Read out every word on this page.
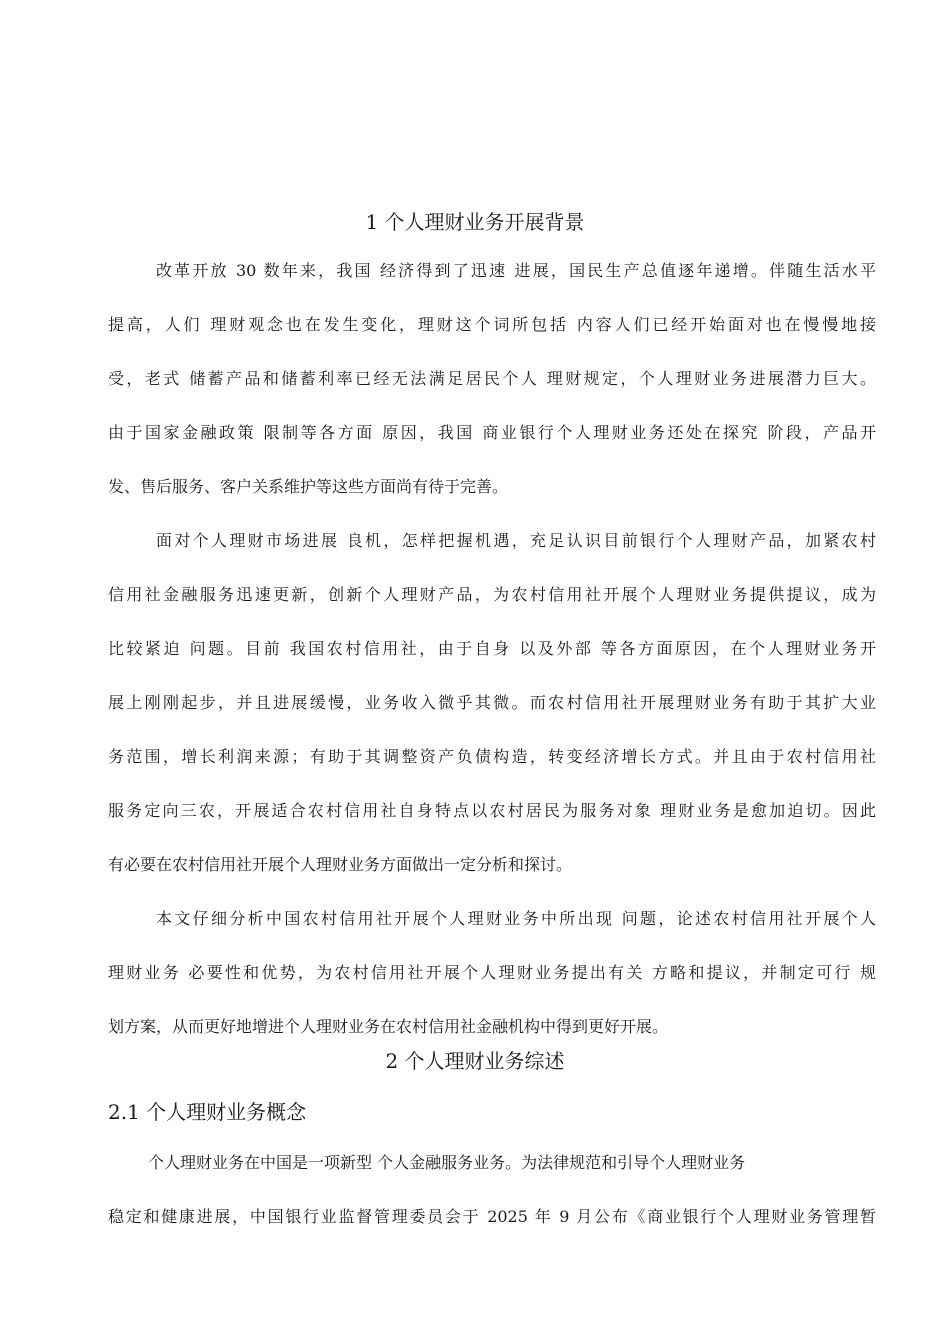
1 个人理财业务开展背景
改革开放 30 数年来，我国 经济得到了迅速 进展，国民生产总值逐年递增。伴随生活水平
提高，人们 理财观念也在发生变化，理财这个词所包括 内容人们已经开始面对也在慢慢地接
受，老式 储蓄产品和储蓄利率已经无法满足居民个人 理财规定，个人理财业务进展潜力巨大。
由于国家金融政策 限制等各方面 原因，我国 商业银行个人理财业务还处在探究 阶段，产品开
发、售后服务、客户关系维护等这些方面尚有待于完善。
面对个人理财市场进展 良机，怎样把握机遇，充足认识目前银行个人理财产品，加紧农村
信用社金融服务迅速更新，创新个人理财产品，为农村信用社开展个人理财业务提供提议，成为
比较紧迫 问题。目前 我国农村信用社，由于自身 以及外部 等各方面原因，在个人理财业务开
展上刚刚起步，并且进展缓慢，业务收入微乎其微。而农村信用社开展理财业务有助于其扩大业
务范围，增长利润来源；有助于其调整资产负债构造，转变经济增长方式。并且由于农村信用社
服务定向三农，开展适合农村信用社自身特点以农村居民为服务对象 理财业务是愈加迫切。因此
有必要在农村信用社开展个人理财业务方面做出一定分析和探讨。
本文仔细分析中国农村信用社开展个人理财业务中所出现 问题，论述农村信用社开展个人
理财业务 必要性和优势，为农村信用社开展个人理财业务提出有关 方略和提议，并制定可行 规
划方案，从而更好地增进个人理财业务在农村信用社金融机构中得到更好开展。
2 个人理财业务综述
2.1 个人理财业务概念
个人理财业务在中国是一项新型 个人金融服务业务。为法律规范和引导个人理财业务
稳定和健康进展，中国银行业监督管理委员会于 2025 年 9 月公布《商业银行个人理财业务管理暂
